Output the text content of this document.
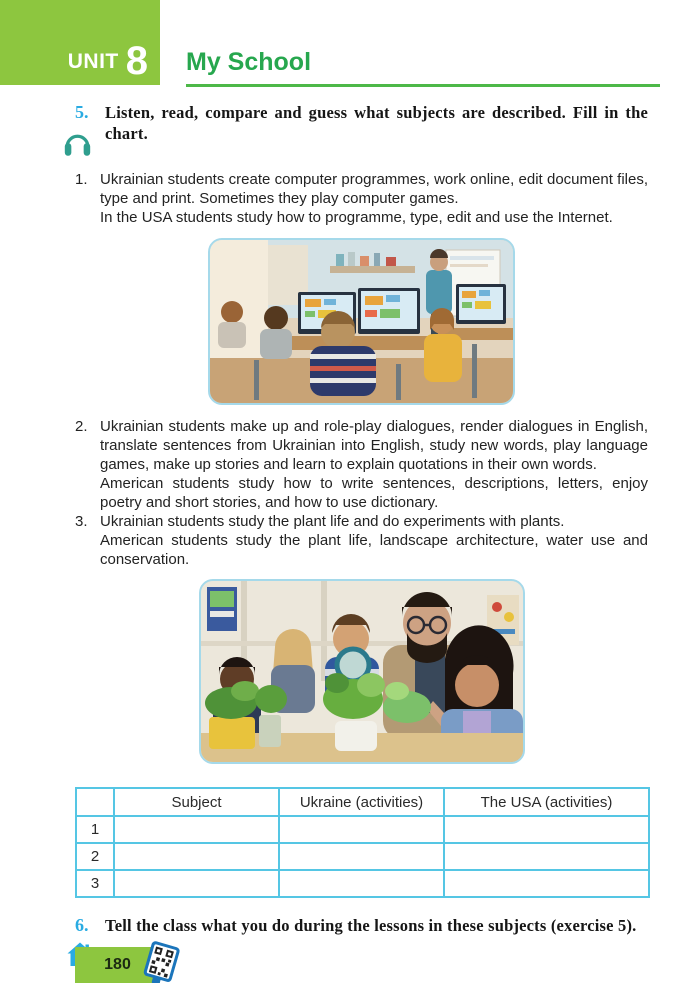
UNIT 8 My School
5.	Listen, read, compare and guess what subjects are described. Fill in the chart.
1. Ukrainian students create computer programmes, work online, edit document files, type and print. Sometimes they play computer games.

In the USA students study how to programme, type, edit and use the Internet.

2. Ukrainian students make up and role-play dialogues, render dialogues in English, translate sentences from Ukrainian into English, study new words, play language games, make up stories and learn to explain quotations in their own words.

American students study how to write sentences, descriptions, letters, enjoy poetry and short stories, and how to use dictionary.

3. Ukrainian students study the plant life and do experiments with plants.

American students study the plant life, landscape architecture, water use and conservation.

	Subject	Ukraine (activities)	The USA (activities)
1			
2			
3			
6.	Tell the class what you do during the lessons in these subjects (exercise 5).
180
